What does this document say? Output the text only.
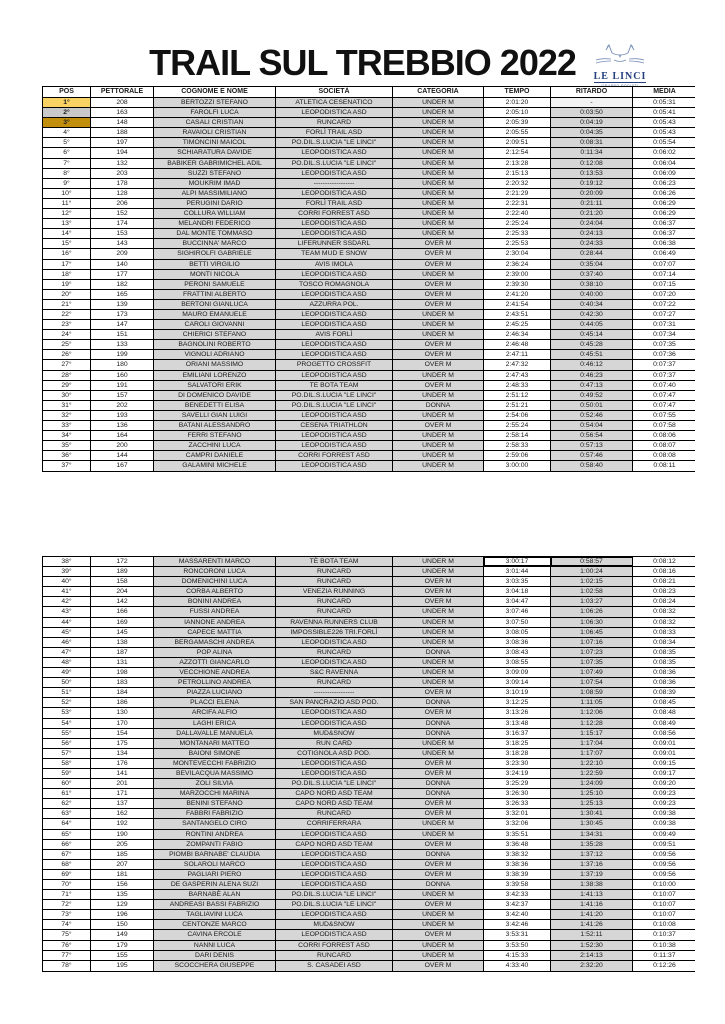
TRAIL SUL TREBBIO 2022	LE LINCI
POS	PETTORALE	COGNOME E NOME	SOCIETÀ	CATEGORIA	TEMPO	RITARDO	MEDIA
1°	208	BERTOZZI STEFANO	ATLETICA CESENATICO	UNDER M	2:01:20	-	0:05:31
2°	163	FAROLFI LUCA	LEOPODISTICA ASD	UNDER M	2:05:10	0:03:50	0:05:41
3°	148	CASALI CRISTIAN	RUNCARD	UNDER M	2:05:39	0:04:19	0:05:43
4°	188	RAVAIOLI CRISTIAN	FORLÌ TRAIL ASD	UNDER M	2:05:55	0:04:35	0:05:43
5°	197	TIMONCINI MAICOL	PO.DIL.S.LUCIA "LE LINCI"	UNDER M	2:09:51	0:08:31	0:05:54
6°	194	SCHIARATURA DAVIDE	LEOPODISTICA ASD	UNDER M	2:12:54	0:11:34	0:06:02
7°	132	BABIKER GABRIMICHEL ADIL	PO.DIL.S.LUCIA "LE LINCI"	UNDER M	2:13:28	0:12:08	0:06:04
8°	203	SUZZI STEFANO	LEOPODISTICA ASD	UNDER M	2:15:13	0:13:53	0:06:09
9°	178	MOUKRIM IMAD	------------------	UNDER M	2:20:32	0:19:12	0:06:23
10°	128	ALPI MASSIMILIANO	LEOPODISTICA ASD	UNDER M	2:21:29	0:20:09	0:06:26
11°	206	PERUGINI DARIO	FORLÌ TRAIL ASD	UNDER M	2:22:31	0:21:11	0:06:29
12°	152	COLLURA WILLIAM	CORRI FORREST ASD	UNDER M	2:22:40	0:21:20	0:06:29
13°	174	MELANDRI FEDERICO	LEOPODISTICA ASD	UNDER M	2:25:24	0:24:04	0:06:37
14°	153	DAL MONTE TOMMASO	LEOPODISTICA ASD	UNDER M	2:25:33	0:24:13	0:06:37
15°	143	BUCCINNA' MARCO	LIFERUNNER SSDARL	OVER M	2:25:53	0:24:33	0:06:38
16°	209	SIGHIROLFI GABRIELE	TEAM MUD E SNOW	OVER M	2:30:04	0:28:44	0:06:49
17°	140	BETTI VIRGILIO	AVIS IMOLA	OVER M	2:36:24	0:35:04	0:07:07
18°	177	MONTI NICOLA	LEOPODISTICA ASD	UNDER M	2:39:00	0:37:40	0:07:14
19°	182	PERONI SAMUELE	TOSCO ROMAGNOLA	OVER M	2:39:30	0:38:10	0:07:15
20°	165	FRATTINI ALBERTO	LEOPODISTICA ASD	OVER M	2:41:20	0:40:00	0:07:20
21°	139	BERTONI GIANLUCA	AZZURRA POL.	OVER M	2:41:54	0:40:34	0:07:22
22°	173	MAURO EMANUELE	LEOPODISTICA ASD	UNDER M	2:43:51	0:42:30	0:07:27
23°	147	CAROLI GIOVANNI	LEOPODISTICA ASD	UNDER M	2:45:25	0:44:05	0:07:31
24°	151	CHIERICI STEFANO	AVIS FORLÌ	UNDER M	2:46:34	0:45:14	0:07:34
25°	133	BAGNOLINI ROBERTO	LEOPODISTICA ASD	OVER M	2:46:48	0:45:28	0:07:35
26°	199	VIGNOLI ADRIANO	LEOPODISTICA ASD	OVER M	2:47:11	0:45:51	0:07:36
27°	180	ORIANI MASSIMO	PROGETTO CROSSFIT	OVER M	2:47:32	0:46:12	0:07:37
28°	160	EMILIANI LORENZO	LEOPODISTICA ASD	UNDER M	2:47:43	0:46:23	0:07:37
29°	191	SALVATORI ERIK	TE BOTA TEAM	OVER M	2:48:33	0:47:13	0:07:40
30°	157	DI DOMENICO DAVIDE	PO.DIL.S.LUCIA "LE LINCI"	UNDER M	2:51:12	0:49:52	0:07:47
31°	202	BENEDETTI ELISA	PO.DIL.S.LUCIA "LE LINCI"	DONNA	2:51:21	0:50:01	0:07:47
32°	193	SAVELLI GIAN LUIGI	LEOPODISTICA ASD	UNDER M	2:54:06	0:52:46	0:07:55
33°	136	BATANI ALESSANDRO	CESENA TRIATHLON	OVER M	2:55:24	0:54:04	0:07:58
34°	164	FERRI STEFANO	LEOPODISTICA ASD	UNDER M	2:58:14	0:56:54	0:08:06
35°	200	ZACCHINI LUCA	LEOPODISTICA ASD	UNDER M	2:58:33	0:57:13	0:08:07
36°	144	CAMPRI DANIELE	CORRI FORREST ASD	UNDER M	2:59:06	0:57:46	0:08:08
37°	167	GALAMINI MICHELE	LEOPODISTICA ASD	UNDER M	3:00:00	0:58:40	0:08:11
38°	172	MASSARENTI MARCO	TÈ BOTA TEAM	UNDER M	3:00:17	0:58:57	0:08:12
39°	189	RONCORONI LUCA	RUNCARD	UNDER M	3:01:44	1:00:24	0:08:16
40°	158	DOMENICHINI LUCA	RUNCARD	OVER M	3:03:35	1:02:15	0:08:21
41°	204	CORBA ALBERTO	VENEZIA RUNNING	OVER M	3:04:18	1:02:58	0:08:23
42°	142	BONINI ANDREA	RUNCARD	OVER M	3:04:47	1:03:27	0:08:24
43°	166	FUSSI ANDREA	RUNCARD	UNDER M	3:07:46	1:06:26	0:08:32
44°	169	IANNONE ANDREA	RAVENNA RUNNERS CLUB	UNDER M	3:07:50	1:06:30	0:08:32
45°	145	CAPECE MATTIA	IMPOSSIBLE226 TRI.FORLÌ	UNDER M	3:08:05	1:06:45	0:08:33
46°	138	BERGAMASCHI ANDREA	LEOPODISTICA ASD	UNDER M	3:08:36	1:07:16	0:08:34
47°	187	POP ALINA	RUNCARD	DONNA	3:08:43	1:07:23	0:08:35
48°	131	AZZOTTI GIANCARLO	LEOPODISTICA ASD	UNDER M	3:08:55	1:07:35	0:08:35
49°	198	VECCHIONE ANDREA	S&C RAVENNA	UNDER M	3:09:09	1:07:49	0:08:36
50°	183	PETROLLINO ANDREA	RUNCARD	UNDER M	3:09:14	1:07:54	0:08:36
51°	184	PIAZZA LUCIANO	------------------	OVER M	3:10:19	1:08:59	0:08:39
52°	186	PLACCI ELENA	SAN PANCRAZIO ASD POD.	DONNA	3:12:25	1:11:05	0:08:45
53°	130	ARCIFA ALFIO	LEOPODISTICA ASD	OVER M	3:13:26	1:12:06	0:08:48
54°	170	LAGHI ERICA	LEOPODISTICA ASD	DONNA	3:13:48	1:12:28	0:08:49
55°	154	DALLAVALLE MANUELA	MUD&SNOW	DONNA	3:16:37	1:15:17	0:08:56
56°	175	MONTANARI MATTEO	RUN CARD	UNDER M	3:18:25	1:17:04	0:09:01
57°	134	BAIONI SIMONE	COTIGNOLA ASD POD.	UNDER M	3:18:28	1:17:07	0:09:01
58°	176	MONTEVECCHI FABRIZIO	LEOPODISTICA ASD	OVER M	3:23:30	1:22:10	0:09:15
59°	141	BEVILACQUA MASSIMO	LEOPODISTICA ASD	OVER M	3:24:19	1:22:59	0:09:17
60°	201	ZOLI SILVIA	PO.DIL.S.LUCIA "LE LINCI"	DONNA	3:25:29	1:24:09	0:09:20
61°	171	MARZOCCHI MARINA	CAPO NORD ASD TEAM	DONNA	3:26:30	1:25:10	0:09:23
62°	137	BENINI STEFANO	CAPO NORD ASD TEAM	OVER M	3:26:33	1:25:13	0:09:23
63°	162	FABBRI FABRIZIO	RUNCARD	OVER M	3:32:01	1:30:41	0:09:38
64°	192	SANTANGELO CIRO	CORRIFERRARA	UNDER M	3:32:06	1:30:45	0:09:38
65°	190	RONTINI ANDREA	LEOPODISTICA ASD	UNDER M	3:35:51	1:34:31	0:09:49
66°	205	ZOMPANTI FABIO	CAPO NORD ASD TEAM	OVER M	3:36:48	1:35:28	0:09:51
67°	185	PIOMBI BARNABE' CLAUDIA	LEOPODISTICA ASD	DONNA	3:38:32	1:37:12	0:09:56
68°	207	SOLAROLI MARCO	LEOPODISTICA ASD	OVER M	3:38:36	1:37:16	0:09:56
69°	181	PAGLIARI PIERO	LEOPODISTICA ASD	OVER M	3:38:39	1:37:19	0:09:56
70°	156	DE GASPERIN ALENA SUZI	LEOPODISTICA ASD	DONNA	3:39:58	1:38:38	0:10:00
71°	135	BARNABÈ ALAN	PO.DIL.S.LUCIA "LE LINCI"	UNDER M	3:42:33	1:41:13	0:10:07
72°	129	ANDREASI BASSI FABRIZIO	PO.DIL.S.LUCIA "LE LINCI"	OVER M	3:42:37	1:41:16	0:10:07
73°	196	TAGLIAVINI LUCA	LEOPODISTICA ASD	UNDER M	3:42:40	1:41:20	0:10:07
74°	150	CENTONZE MARCO	MUD&SNOW	UNDER M	3:42:46	1:41:26	0:10:08
75°	149	CAVINA ERCOLE	LEOPODISTICA ASD	OVER M	3:53:31	1:52:11	0:10:37
76°	179	NANNI LUCA	CORRI FORREST ASD	UNDER M	3:53:50	1:52:30	0:10:38
77°	155	DARI DENIS	RUNCARD	UNDER M	4:15:33	2:14:13	0:11:37
78°	195	SCOCCHERA GIUSEPPE	S. CASADEI ASD	OVER M	4:33:40	2:32:20	0:12:26
